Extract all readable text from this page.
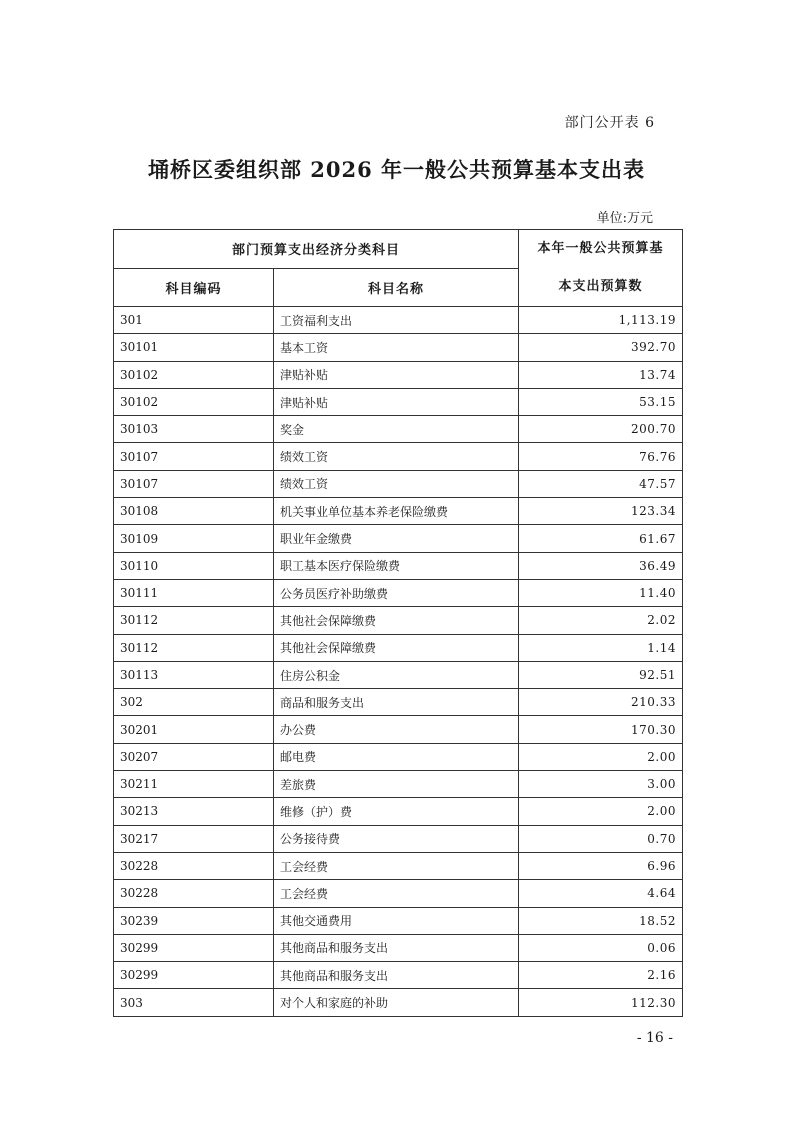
部门公开表 6
埇桥区委组织部 2026 年一般公共预算基本支出表
单位:万元
部门预算支出经济分类科目		本年一般公共预算基
本支出预算数

科目编码	科目名称	
301	工资福利支出	1,113.19
30101	基本工资	392.70
30102	津贴补贴	13.74
30102	津贴补贴	53.15
30103	奖金	200.70
30107	绩效工资	76.76
30107	绩效工资	47.57
30108	机关事业单位基本养老保险缴费	123.34
30109	职业年金缴费	61.67
30110	职工基本医疗保险缴费	36.49
30111	公务员医疗补助缴费	11.40
30112	其他社会保障缴费	2.02
30112	其他社会保障缴费	1.14
30113	住房公积金	92.51
302	商品和服务支出	210.33
30201	办公费	170.30
30207	邮电费	2.00
30211	差旅费	3.00
30213	维修（护）费	2.00
30217	公务接待费	0.70
30228	工会经费	6.96
30228	工会经费	4.64
30239	其他交通费用	18.52
30299	其他商品和服务支出	0.06
30299	其他商品和服务支出	2.16
303	对个人和家庭的补助	112.30
- 16 -
